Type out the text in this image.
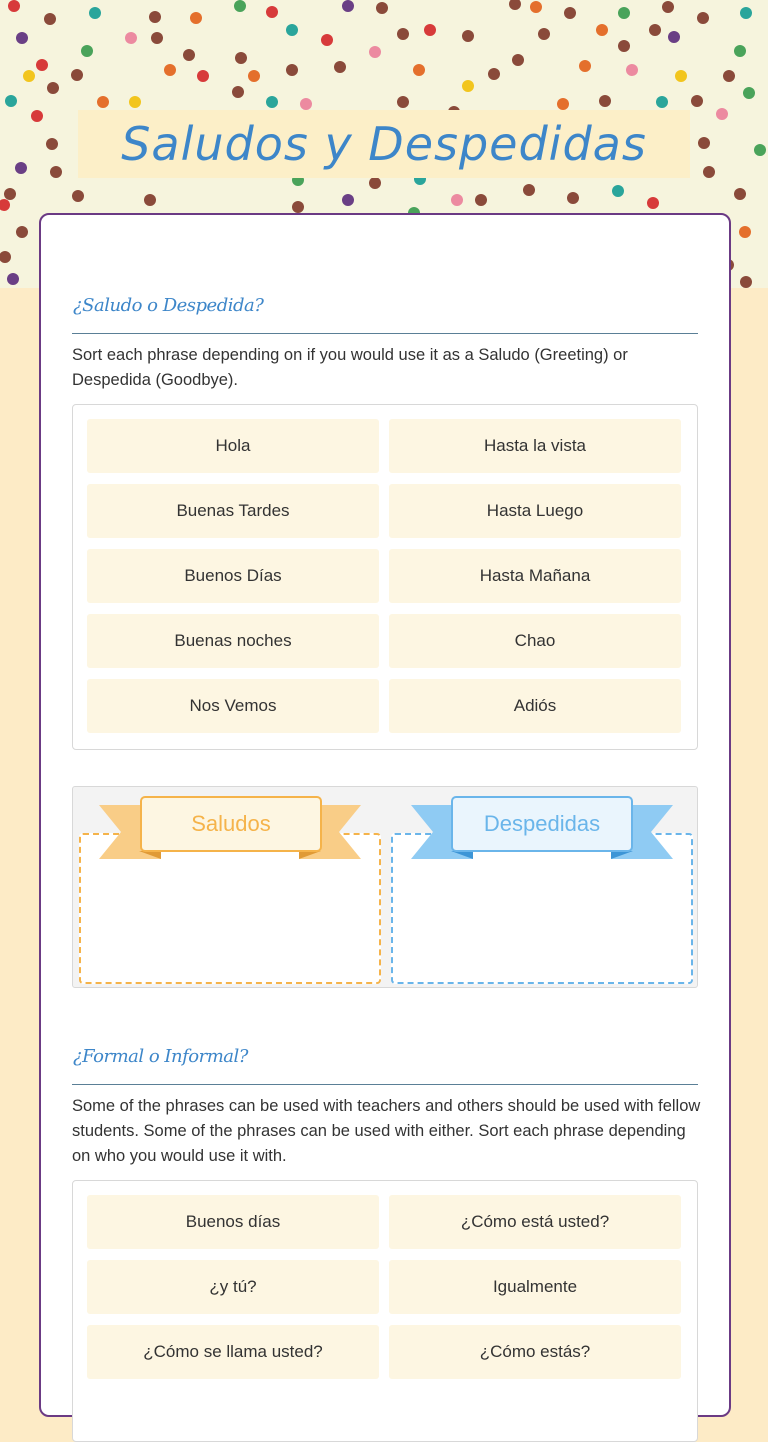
Saludos y Despedidas
¿Saludo o Despedida?
Sort each phrase depending on if you would use it as a Saludo (Greeting) or Despedida (Goodbye).
Hola	Hasta la vista
Buenas Tardes	Hasta Luego
Buenos Días	Hasta Mañana
Buenas noches	Chao
Nos Vemos	Adiós
Saludos	Despedidas
¿Formal o Informal?
Some of the phrases can be used with teachers and others should be used with fellow students. Some of the phrases can be used with either. Sort each phrase depending on who you would use it with.
Buenos días	¿Cómo está usted?
¿y tú?	Igualmente
¿Cómo se llama usted?	¿Cómo estás?
